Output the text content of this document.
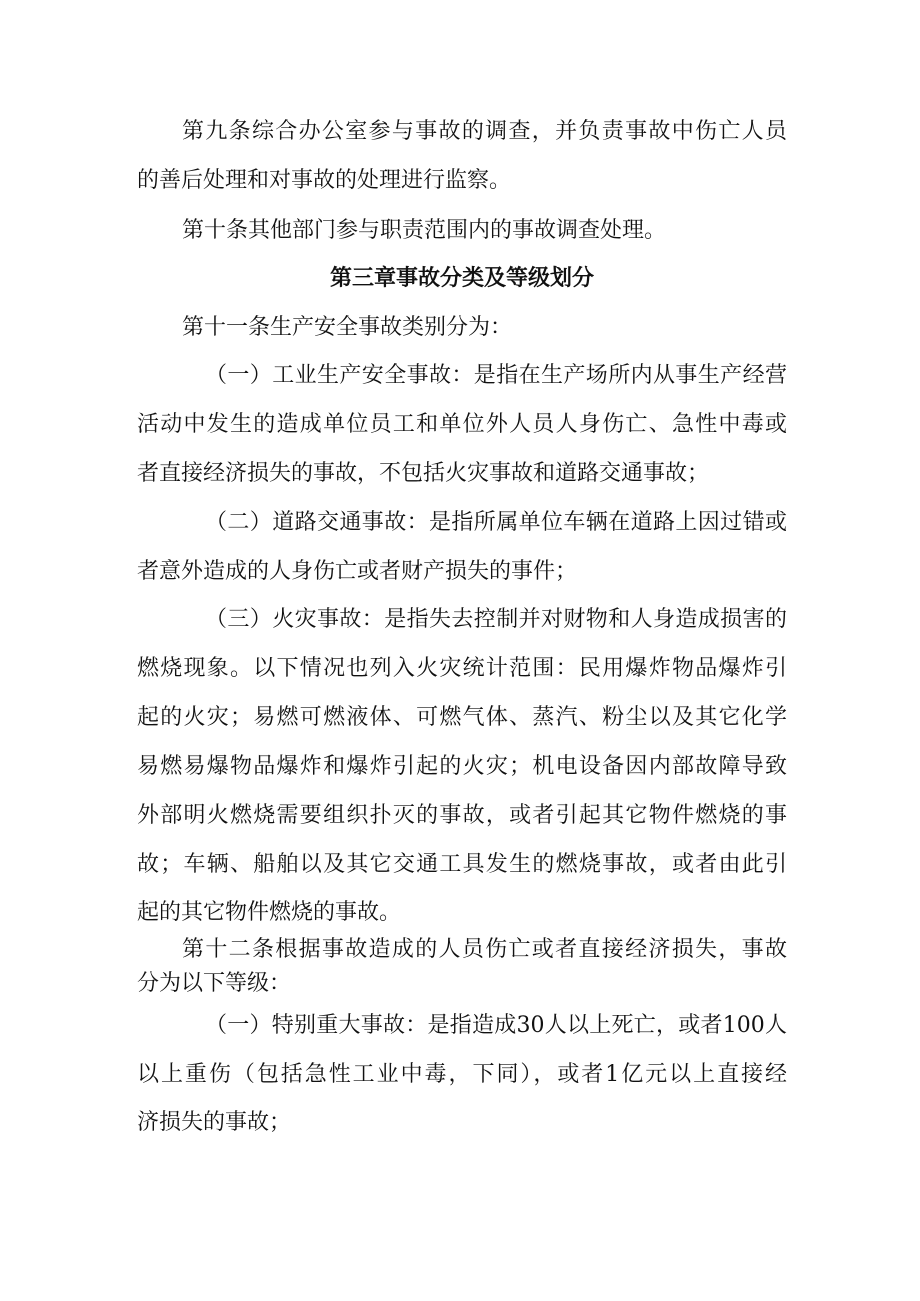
第九条综合办公室参与事故的调查，并负责事故中伤亡人员
的善后处理和对事故的处理进行监察。
第十条其他部门参与职责范围内的事故调查处理。
第三章事故分类及等级划分
第十一条生产安全事故类别分为：
（一）工业生产安全事故：是指在生产场所内从事生产经营
活动中发生的造成单位员工和单位外人员人身伤亡、急性中毒或
者直接经济损失的事故，不包括火灾事故和道路交通事故；
（二）道路交通事故：是指所属单位车辆在道路上因过错或
者意外造成的人身伤亡或者财产损失的事件；
（三）火灾事故：是指失去控制并对财物和人身造成损害的
燃烧现象。以下情况也列入火灾统计范围：民用爆炸物品爆炸引
起的火灾；易燃可燃液体、可燃气体、蒸汽、粉尘以及其它化学
易燃易爆物品爆炸和爆炸引起的火灾；机电设备因内部故障导致
外部明火燃烧需要组织扑灭的事故，或者引起其它物件燃烧的事
故；车辆、船舶以及其它交通工具发生的燃烧事故，或者由此引
起的其它物件燃烧的事故。
第十二条根据事故造成的人员伤亡或者直接经济损失，事故
分为以下等级：
（一）特别重大事故：是指造成30人以上死亡，或者100人
以上重伤（包括急性工业中毒，下同），或者1亿元以上直接经
济损失的事故；
